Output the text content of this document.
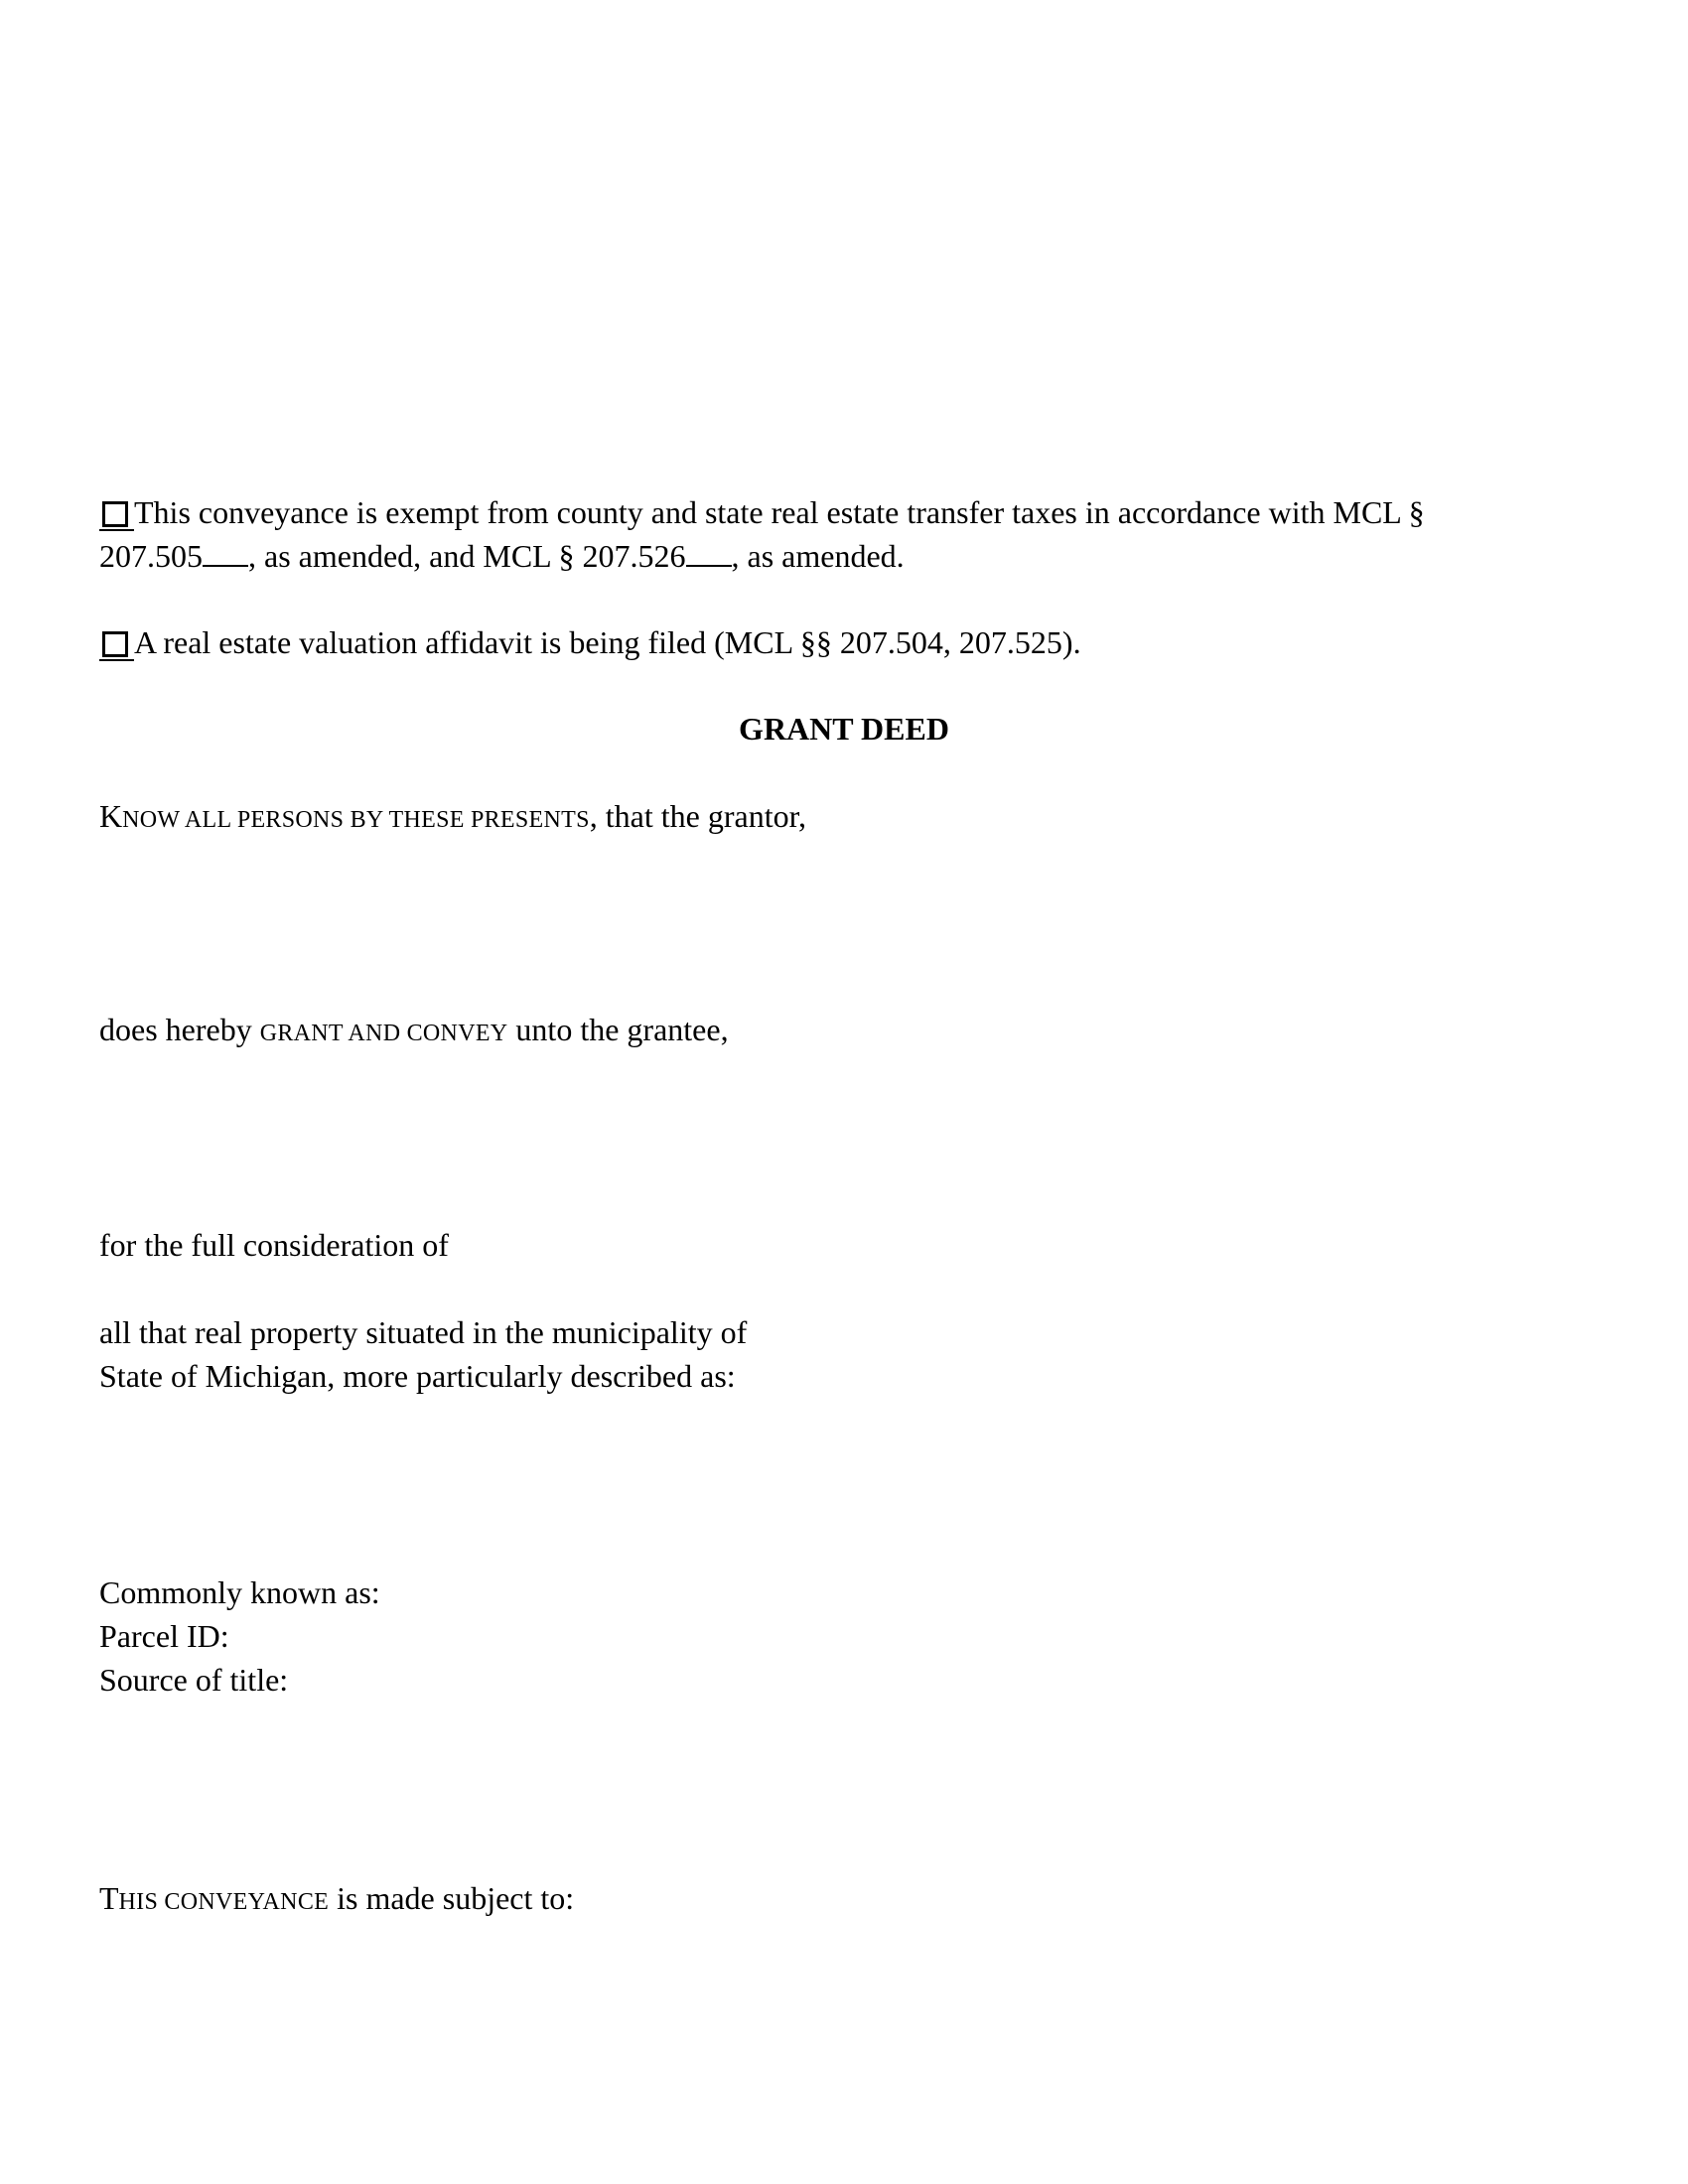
This conveyance is exempt from county and state real estate transfer taxes in accordance with MCL §
207.505 , as amended, and MCL § 207.526 , as amended.
A real estate valuation affidavit is being filed (MCL §§ 207.504, 207.525).
GRANT DEED
KNOW ALL PERSONS BY THESE PRESENTS, that the grantor,
does hereby GRANT AND CONVEY unto the grantee,
for the full consideration of
all that real property situated in the municipality of
State of Michigan, more particularly described as:
Commonly known as:
Parcel ID:
Source of title:
THIS CONVEYANCE is made subject to:
